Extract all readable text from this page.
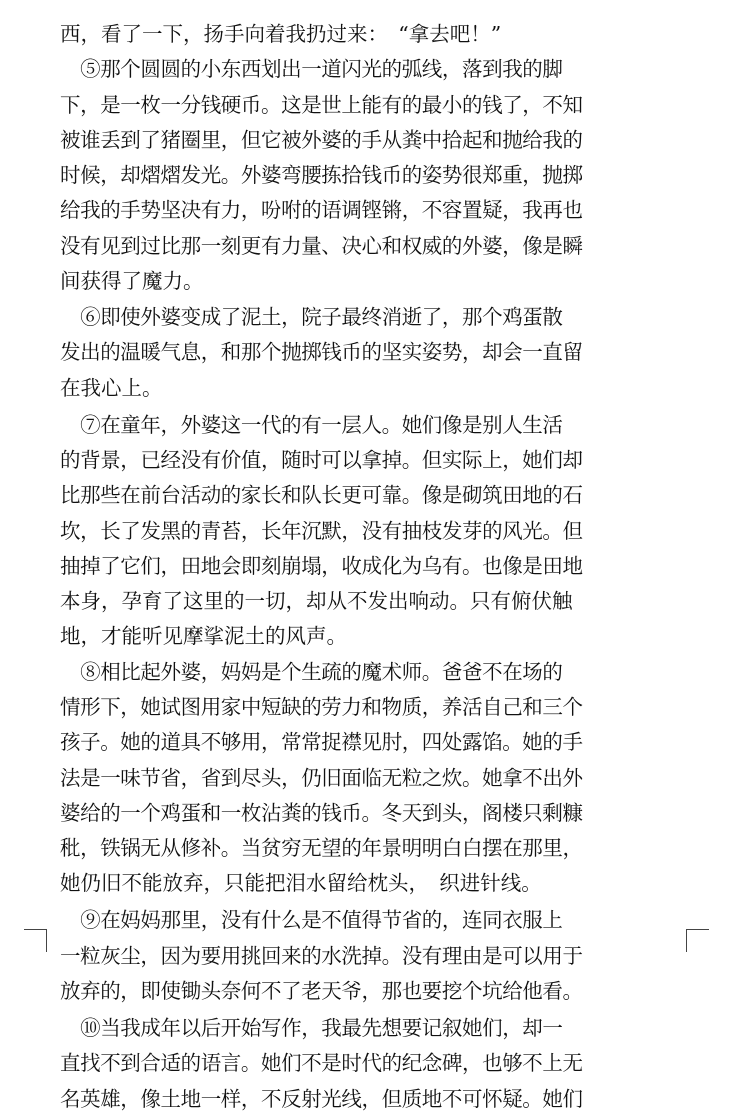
西，看了一下，扬手向着我扔过来：　“拿去吧！”
　⑤那个圆圆的小东西划出一道闪光的弧线，落到我的脚
下，是一枚一分钱硬币。这是世上能有的最小的钱了，不知
被谁丢到了猪圈里，但它被外婆的手从粪中拾起和抛给我的
时候，却熠熠发光。外婆弯腰拣拾钱币的姿势很郑重，抛掷
给我的手势坚决有力，吩咐的语调铿锵，不容置疑，我再也
没有见到过比那一刻更有力量、决心和权威的外婆，像是瞬
间获得了魔力。
　⑥即使外婆变成了泥土，院子最终消逝了，那个鸡蛋散
发出的温暖气息，和那个抛掷钱币的坚实姿势，却会一直留
在我心上。
　⑦在童年，外婆这一代的有一层人。她们像是别人生活
的背景，已经没有价值，随时可以拿掉。但实际上，她们却
比那些在前台活动的家长和队长更可靠。像是砌筑田地的石
坎，长了发黑的青苔，长年沉默，没有抽枝发芽的风光。但
抽掉了它们，田地会即刻崩塌，收成化为乌有。也像是田地
本身，孕育了这里的一切，却从不发出响动。只有俯伏触
地，才能听见摩挲泥土的风声。
　⑧相比起外婆，妈妈是个生疏的魔术师。爸爸不在场的
情形下，她试图用家中短缺的劳力和物质，养活自己和三个
孩子。她的道具不够用，常常捉襟见肘，四处露馅。她的手
法是一味节省，省到尽头，仍旧面临无粒之炊。她拿不出外
婆给的一个鸡蛋和一枚沾粪的钱币。冬天到头，阁楼只剩糠
秕，铁锅无从修补。当贫穷无望的年景明明白白摆在那里，
她仍旧不能放弃，只能把泪水留给枕头，　织进针线。
　⑨在妈妈那里，没有什么是不值得节省的，连同衣服上
一粒灰尘，因为要用挑回来的水洗掉。没有理由是可以用于
放弃的，即使锄头奈何不了老天爷，那也要挖个坑给他看。
　⑩当我成年以后开始写作，我最先想要记叙她们，却一
直找不到合适的语言。她们不是时代的纪念碑，也够不上无
名英雄，像土地一样，不反射光线，但质地不可怀疑。她们
